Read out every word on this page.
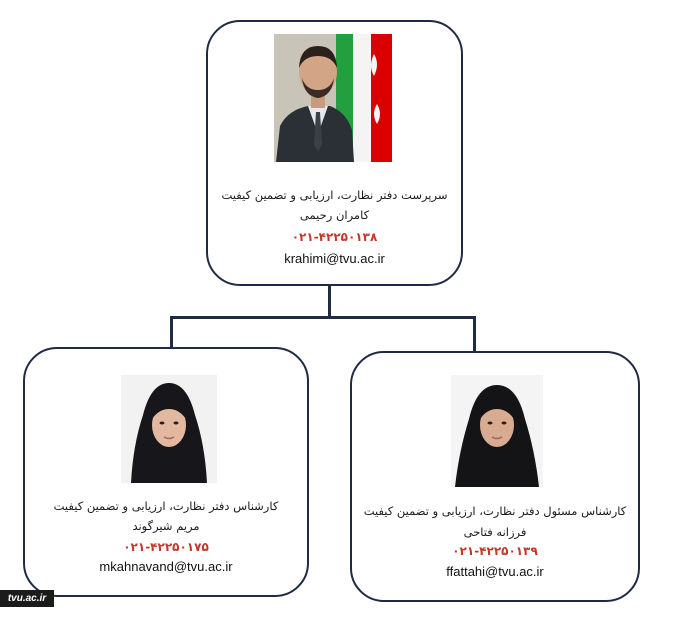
سرپرست دفتر نظارت، ارزیابی و تضمین کیفیت
کامران رحیمی
۰۲۱-۴۲۲۵۰۱۳۸
krahimi@tvu.ac.ir
کارشناس دفتر نظارت، ارزیابی و تضمین کیفیت
مریم شیرگوند
۰۲۱-۴۲۲۵۰۱۷۵
mkahnavand@tvu.ac.ir
کارشناس مسئول دفتر نظارت، ارزیابی و تضمین کیفیت
فرزانه فتاحی
۰۲۱-۴۲۲۵۰۱۳۹
ffattahi@tvu.ac.ir
tvu.ac.ir
